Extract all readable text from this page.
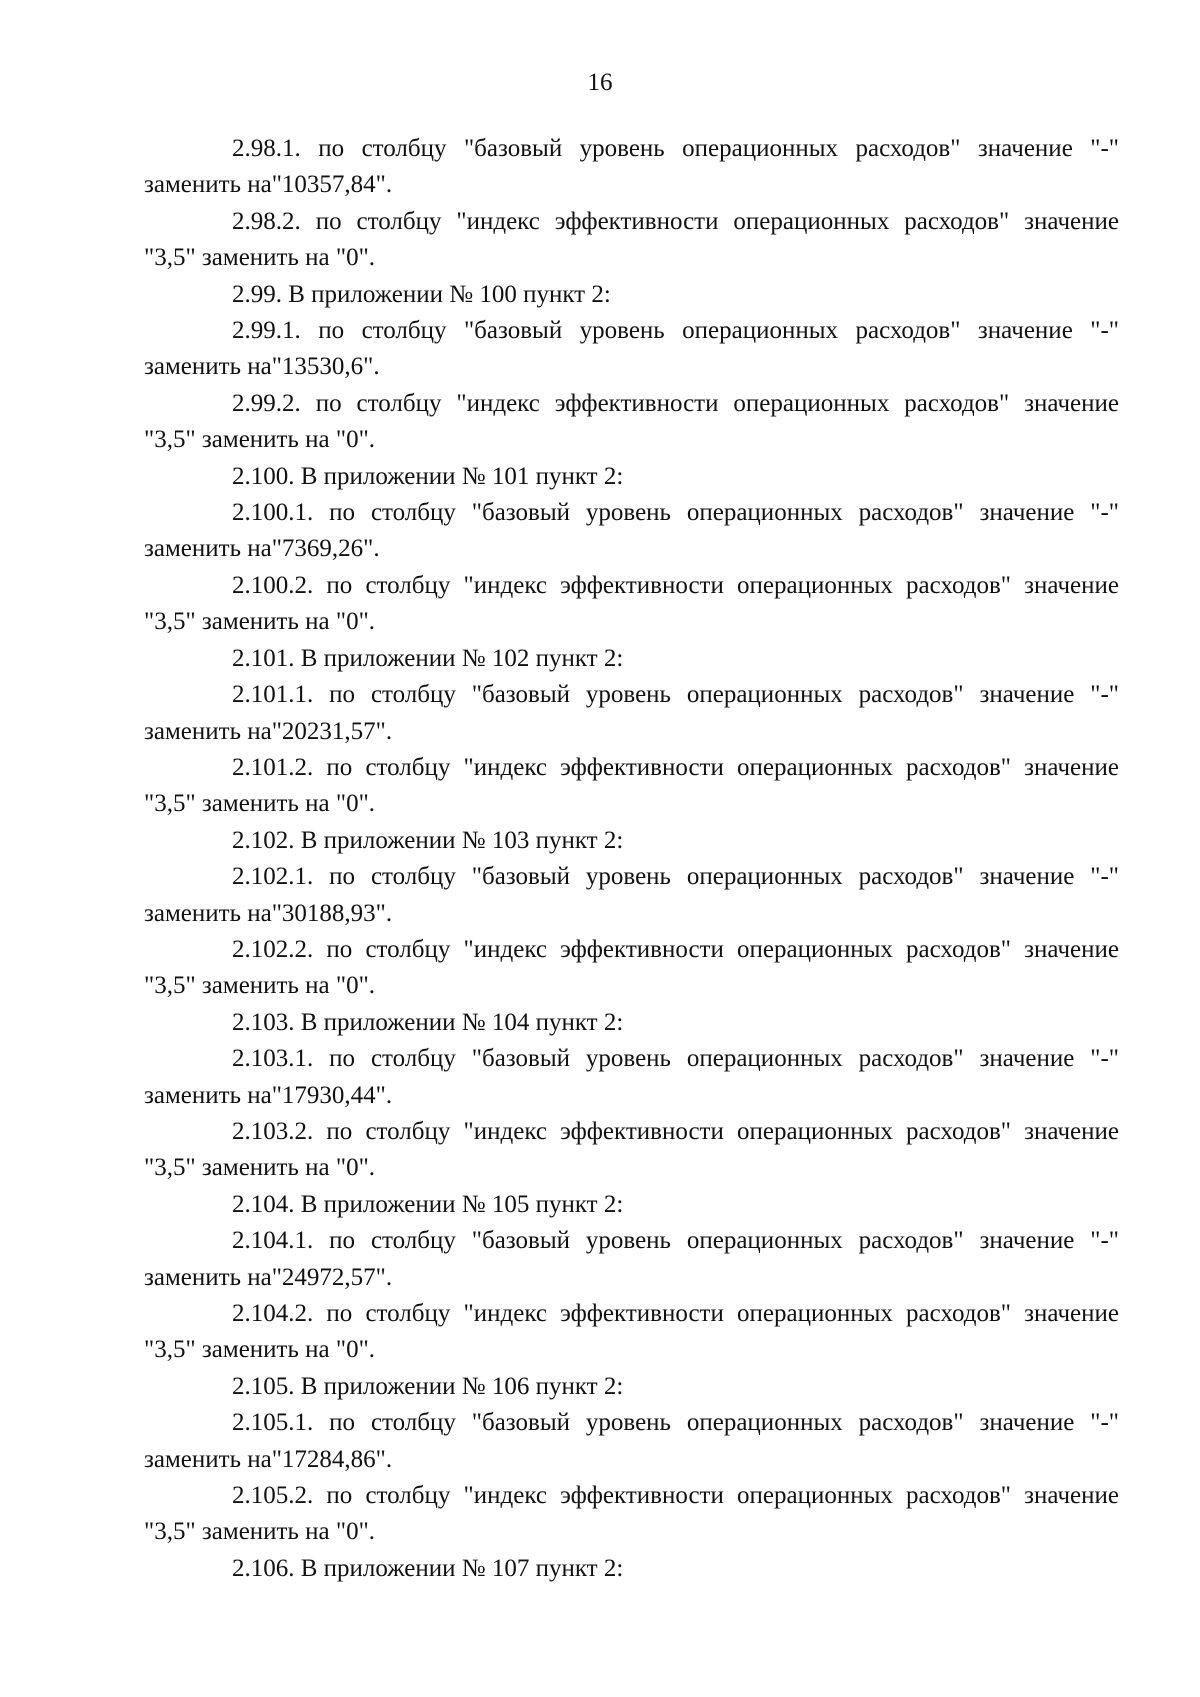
16
2.98.1. по столбцу "базовый уровень операционных расходов" значение "-"
заменить на"10357,84".
2.98.2. по столбцу "индекс эффективности операционных расходов" значение
"3,5" заменить на "0".
2.99. В приложении № 100 пункт 2:
2.99.1. по столбцу "базовый уровень операционных расходов" значение "-"
заменить на"13530,6".
2.99.2. по столбцу "индекс эффективности операционных расходов" значение
"3,5" заменить на "0".
2.100. В приложении № 101 пункт 2:
2.100.1. по столбцу "базовый уровень операционных расходов" значение "-"
заменить на"7369,26".
2.100.2. по столбцу "индекс эффективности операционных расходов" значение
"3,5" заменить на "0".
2.101. В приложении № 102 пункт 2:
2.101.1. по столбцу "базовый уровень операционных расходов" значение "-"
заменить на"20231,57".
2.101.2. по столбцу "индекс эффективности операционных расходов" значение
"3,5" заменить на "0".
2.102. В приложении № 103 пункт 2:
2.102.1. по столбцу "базовый уровень операционных расходов" значение "-"
заменить на"30188,93".
2.102.2. по столбцу "индекс эффективности операционных расходов" значение
"3,5" заменить на "0".
2.103. В приложении № 104 пункт 2:
2.103.1. по столбцу "базовый уровень операционных расходов" значение "-"
заменить на"17930,44".
2.103.2. по столбцу "индекс эффективности операционных расходов" значение
"3,5" заменить на "0".
2.104. В приложении № 105 пункт 2:
2.104.1. по столбцу "базовый уровень операционных расходов" значение "-"
заменить на"24972,57".
2.104.2. по столбцу "индекс эффективности операционных расходов" значение
"3,5" заменить на "0".
2.105. В приложении № 106 пункт 2:
2.105.1. по столбцу "базовый уровень операционных расходов" значение "-"
заменить на"17284,86".
2.105.2. по столбцу "индекс эффективности операционных расходов" значение
"3,5" заменить на "0".
2.106. В приложении № 107 пункт 2:
